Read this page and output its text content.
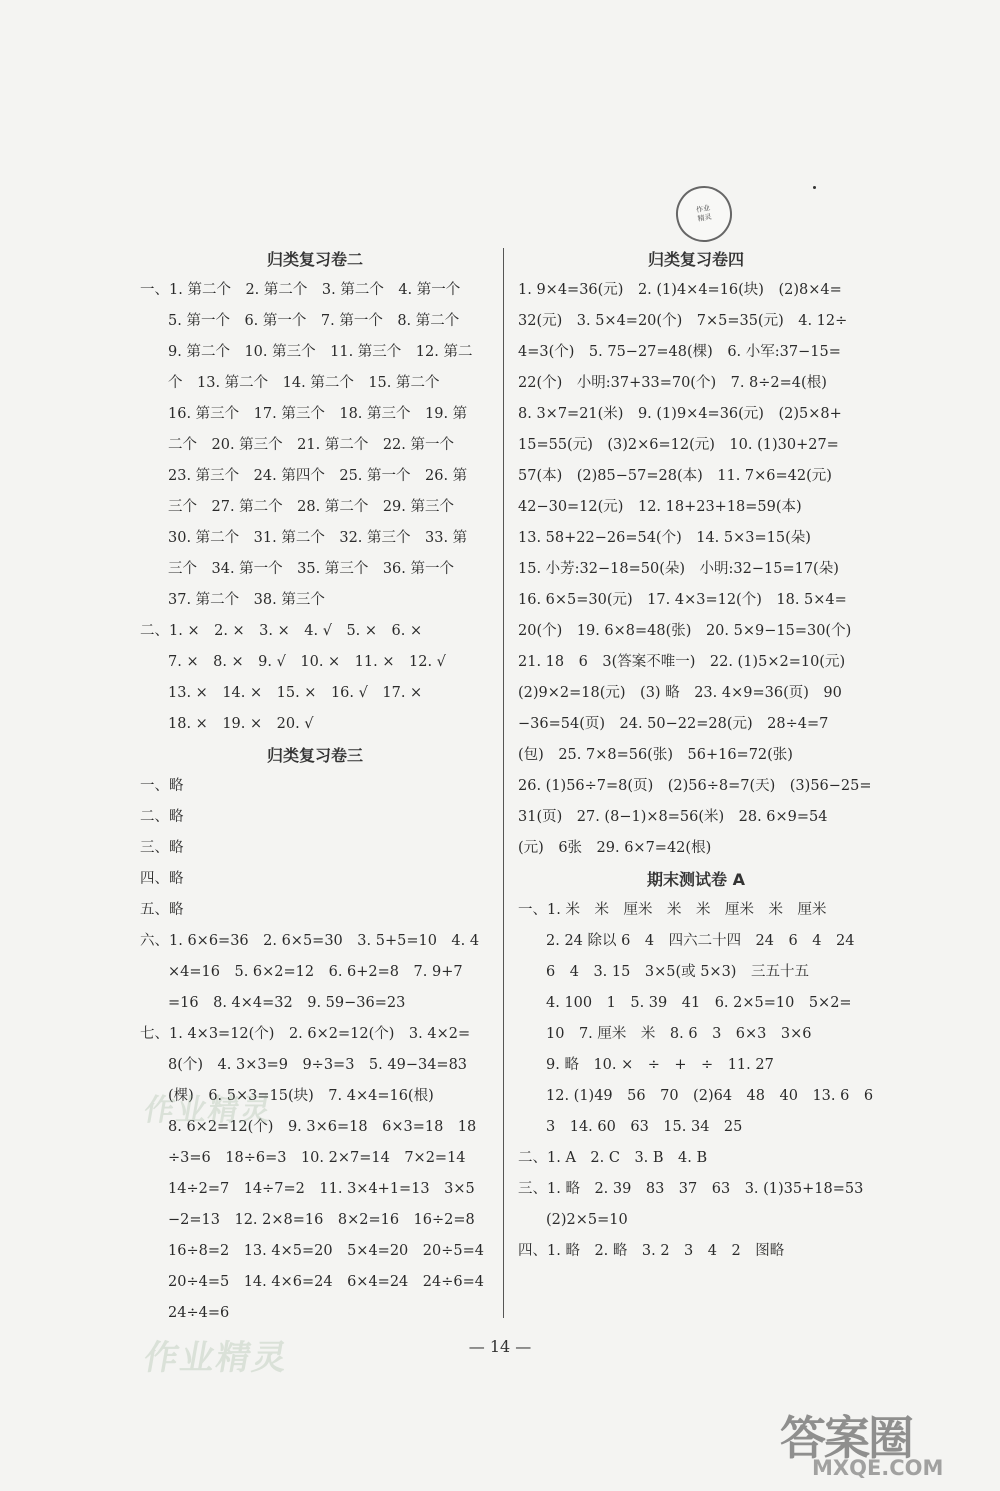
作业
精灵
归类复习卷二
一、1. 第二个　2. 第二个　3. 第二个　4. 第一个
5. 第一个　6. 第一个　7. 第一个　8. 第二个
9. 第二个　10. 第三个　11. 第三个　12. 第二
个　13. 第二个　14. 第二个　15. 第二个
16. 第三个　17. 第三个　18. 第三个　19. 第
二个　20. 第三个　21. 第二个　22. 第一个
23. 第三个　24. 第四个　25. 第一个　26. 第
三个　27. 第二个　28. 第二个　29. 第三个
30. 第二个　31. 第二个　32. 第三个　33. 第
三个　34. 第一个　35. 第三个　36. 第一个
37. 第二个　38. 第三个
二、1. ×　2. ×　3. ×　4. √　5. ×　6. ×
7. ×　8. ×　9. √　10. ×　11. ×　12. √
13. ×　14. ×　15. ×　16. √　17. ×
18. ×　19. ×　20. √
归类复习卷三
一、略
二、略
三、略
四、略
五、略
六、1. 6×6=36　2. 6×5=30　3. 5+5=10　4. 4
×4=16　5. 6×2=12　6. 6+2=8　7. 9+7
=16　8. 4×4=32　9. 59−36=23
七、1. 4×3=12(个)　2. 6×2=12(个)　3. 4×2=
8(个)　4. 3×3=9　9÷3=3　5. 49−34=83
(棵)　6. 5×3=15(块)　7. 4×4=16(根)
8. 6×2=12(个)　9. 3×6=18　6×3=18　18
÷3=6　18÷6=3　10. 2×7=14　7×2=14
14÷2=7　14÷7=2　11. 3×4+1=13　3×5
−2=13　12. 2×8=16　8×2=16　16÷2=8
16÷8=2　13. 4×5=20　5×4=20　20÷5=4
20÷4=5　14. 4×6=24　6×4=24　24÷6=4
24÷4=6
归类复习卷四
1. 9×4=36(元)　2. (1)4×4=16(块)　(2)8×4=
32(元)　3. 5×4=20(个)　7×5=35(元)　4. 12÷
4=3(个)　5. 75−27=48(棵)　6. 小军:37−15=
22(个)　小明:37+33=70(个)　7. 8÷2=4(根)
8. 3×7=21(米)　9. (1)9×4=36(元)　(2)5×8+
15=55(元)　(3)2×6=12(元)　10. (1)30+27=
57(本)　(2)85−57=28(本)　11. 7×6=42(元)
42−30=12(元)　12. 18+23+18=59(本)
13. 58+22−26=54(个)　14. 5×3=15(朵)
15. 小芳:32−18=50(朵)　小明:32−15=17(朵)
16. 6×5=30(元)　17. 4×3=12(个)　18. 5×4=
20(个)　19. 6×8=48(张)　20. 5×9−15=30(个)
21. 18　6　3(答案不唯一)　22. (1)5×2=10(元)
(2)9×2=18(元)　(3) 略　23. 4×9=36(页)　90
−36=54(页)　24. 50−22=28(元)　28÷4=7
(包)　25. 7×8=56(张)　56+16=72(张)
26. (1)56÷7=8(页)　(2)56÷8=7(天)　(3)56−25=
31(页)　27. (8−1)×8=56(米)　28. 6×9=54
(元)　6张　29. 6×7=42(根)
期末测试卷 A
一、1. 米　米　厘米　米　米　厘米　米　厘米
2. 24 除以 6　4　四六二十四　24　6　4　24
6　4　3. 15　3×5(或 5×3)　三五十五
4. 100　1　5. 39　41　6. 2×5=10　5×2=
10　7. 厘米　米　8. 6　3　6×3　3×6
9. 略　10. ×　÷　+　÷　11. 27
12. (1)49　56　70　(2)64　48　40　13. 6　6
3　14. 60　63　15. 34　25
二、1. A　2. C　3. B　4. B
三、1. 略　2. 39　83　37　63　3. (1)35+18=53
(2)2×5=10
四、1. 略　2. 略　3. 2　3　4　2　图略
作业精灵
作业精灵	— 14 —
答案圈
MXQE.COM
